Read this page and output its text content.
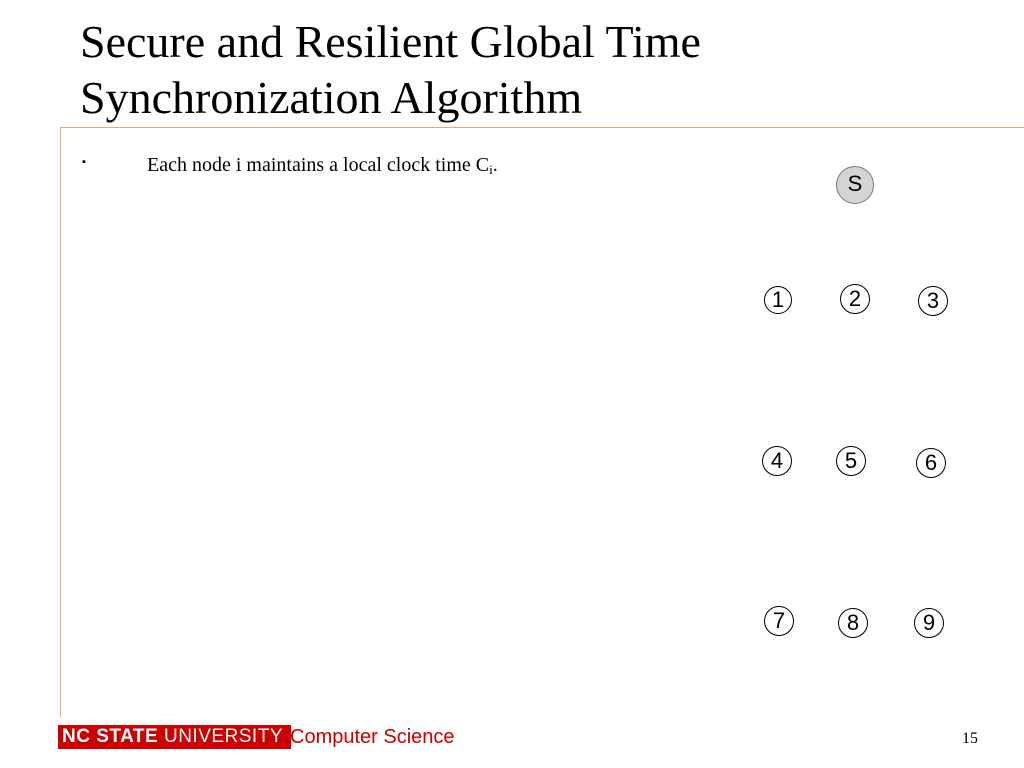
Secure and Resilient Global Time
Synchronization Algorithm
▪	Each node i maintains a local clock time $C_i$.
S
1	2	3
4	5	6
7	8	9
NC STATE UNIVERSITY Computer Science	15
